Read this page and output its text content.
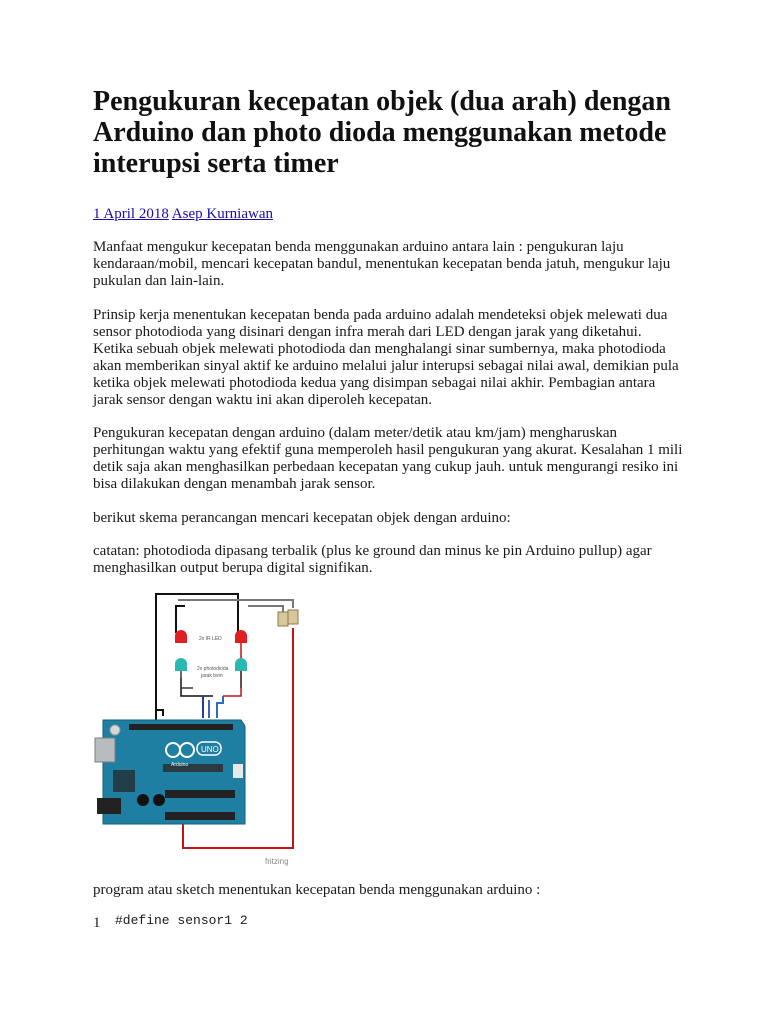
Pengukuran kecepatan objek (dua arah) dengan Arduino dan photo dioda menggunakan metode interupsi serta timer
1 April 2018 Asep Kurniawan

Manfaat mengukur kecepatan benda menggunakan arduino antara lain : pengukuran laju kendaraan/mobil, mencari kecepatan bandul, menentukan kecepatan benda jatuh, mengukur laju pukulan dan lain-lain.

Prinsip kerja menentukan kecepatan benda pada arduino adalah mendeteksi objek melewati dua sensor photodioda yang disinari dengan infra merah dari LED dengan jarak yang diketahui. Ketika sebuah objek melewati photodioda dan menghalangi sinar sumbernya, maka photodioda akan memberikan sinyal aktif ke arduino melalui jalur interupsi sebagai nilai awal, demikian pula ketika objek melewati photodioda kedua yang disimpan sebagai nilai akhir. Pembagian antara jarak sensor dengan waktu ini akan diperoleh kecepatan.

Pengukuran kecepatan dengan arduino (dalam meter/detik atau km/jam) mengharuskan perhitungan waktu yang efektif guna memperoleh hasil pengukuran yang akurat. Kesalahan 1 mili detik saja akan menghasilkan perbedaan kecepatan yang cukup jauh. untuk mengurangi resiko ini bisa dilakukan dengan menambah jarak sensor.

berikut skema perancangan mencari kecepatan objek dengan arduino:

catatan: photodioda dipasang terbalik (plus ke ground dan minus ke pin Arduino pullup) agar menghasilkan output berupa digital signifikan.

program atau sketch menentukan kecepatan benda menggunakan arduino :

2x IR LED
2x photodioda
jarak bxm
UNO
Arduino
fritzing
1 #define sensor1 2
